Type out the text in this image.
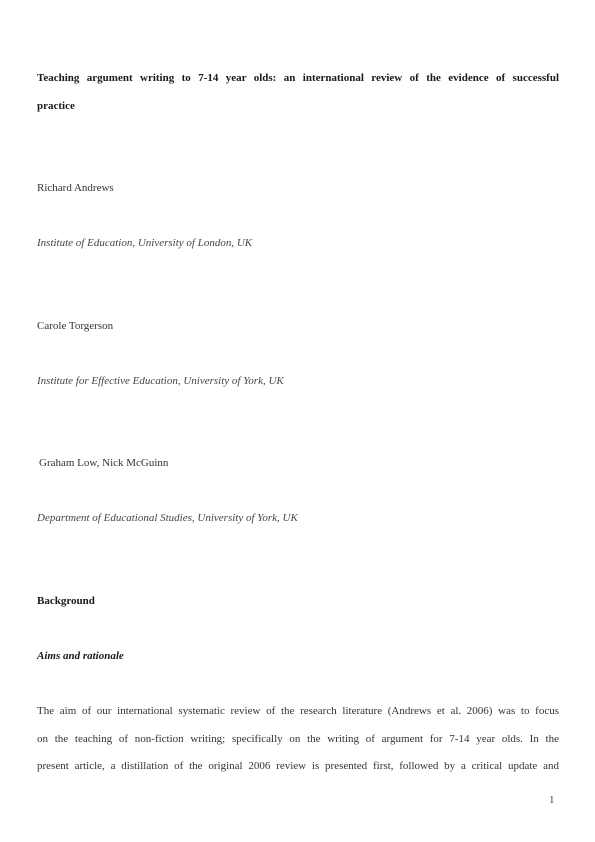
Teaching argument writing to 7-14 year olds: an international review of the evidence of successful
practice
Richard Andrews
Institute of Education, University of London, UK
Carole Torgerson
Institute for Effective Education, University of York, UK
Graham Low, Nick McGuinn
Department of Educational Studies, University of York, UK
Background
Aims and rationale
The aim of our international systematic review of the research literature (Andrews et al. 2006) was to focus
on the teaching of non-fiction writing; specifically on the writing of argument for 7-14 year olds. In the
present article, a distillation of the original 2006 review is presented first, followed by a critical update and
1
